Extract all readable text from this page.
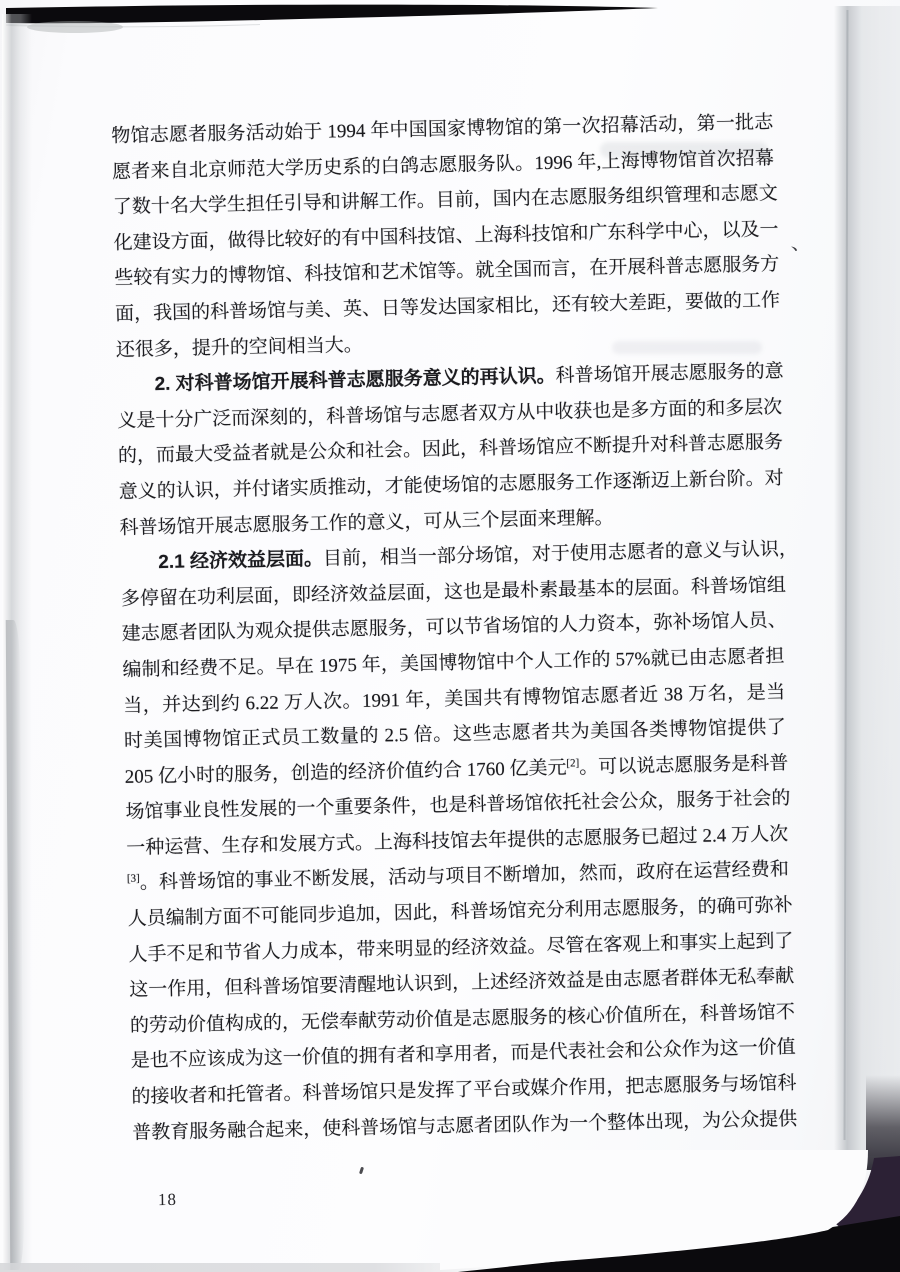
、
物馆志愿者服务活动始于 1994 年中国国家博物馆的第一次招幕活动，第一批志
愿者来自北京师范大学历史系的白鸽志愿服务队。1996 年,上海博物馆首次招幕
了数十名大学生担任引导和讲解工作。目前，国内在志愿服务组织管理和志愿文
化建设方面，做得比较好的有中国科技馆、上海科技馆和广东科学中心，以及一
些较有实力的博物馆、科技馆和艺术馆等。就全国而言，在开展科普志愿服务方
面，我国的科普场馆与美、英、日等发达国家相比，还有较大差距，要做的工作
还很多，提升的空间相当大。
2. 对科普场馆开展科普志愿服务意义的再认识。科普场馆开展志愿服务的意
义是十分广泛而深刻的，科普场馆与志愿者双方从中收获也是多方面的和多层次
的，而最大受益者就是公众和社会。因此，科普场馆应不断提升对科普志愿服务
意义的认识，并付诸实质推动，才能使场馆的志愿服务工作逐渐迈上新台阶。对
科普场馆开展志愿服务工作的意义，可从三个层面来理解。
2.1 经济效益层面。目前，相当一部分场馆，对于使用志愿者的意义与认识，
多停留在功利层面，即经济效益层面，这也是最朴素最基本的层面。科普场馆组
建志愿者团队为观众提供志愿服务，可以节省场馆的人力资本，弥补场馆人员、
编制和经费不足。早在 1975 年，美国博物馆中个人工作的 57%就已由志愿者担
当，并达到约 6.22 万人次。1991 年，美国共有博物馆志愿者近 38 万名，是当
时美国博物馆正式员工数量的 2.5 倍。这些志愿者共为美国各类博物馆提供了
205 亿小时的服务，创造的经济价值约合 1760 亿美元[2]。可以说志愿服务是科普
场馆事业良性发展的一个重要条件，也是科普场馆依托社会公众，服务于社会的
一种运营、生存和发展方式。上海科技馆去年提供的志愿服务已超过 2.4 万人次
[3]。科普场馆的事业不断发展，活动与项目不断增加，然而，政府在运营经费和
人员编制方面不可能同步追加，因此，科普场馆充分利用志愿服务，的确可弥补
人手不足和节省人力成本，带来明显的经济效益。尽管在客观上和事实上起到了
这一作用，但科普场馆要清醒地认识到，上述经济效益是由志愿者群体无私奉献
的劳动价值构成的，无偿奉献劳动价值是志愿服务的核心价值所在，科普场馆不
是也不应该成为这一价值的拥有者和享用者，而是代表社会和公众作为这一价值
的接收者和托管者。科普场馆只是发挥了平台或媒介作用，把志愿服务与场馆科
普教育服务融合起来，使科普场馆与志愿者团队作为一个整体出现，为公众提供
18
